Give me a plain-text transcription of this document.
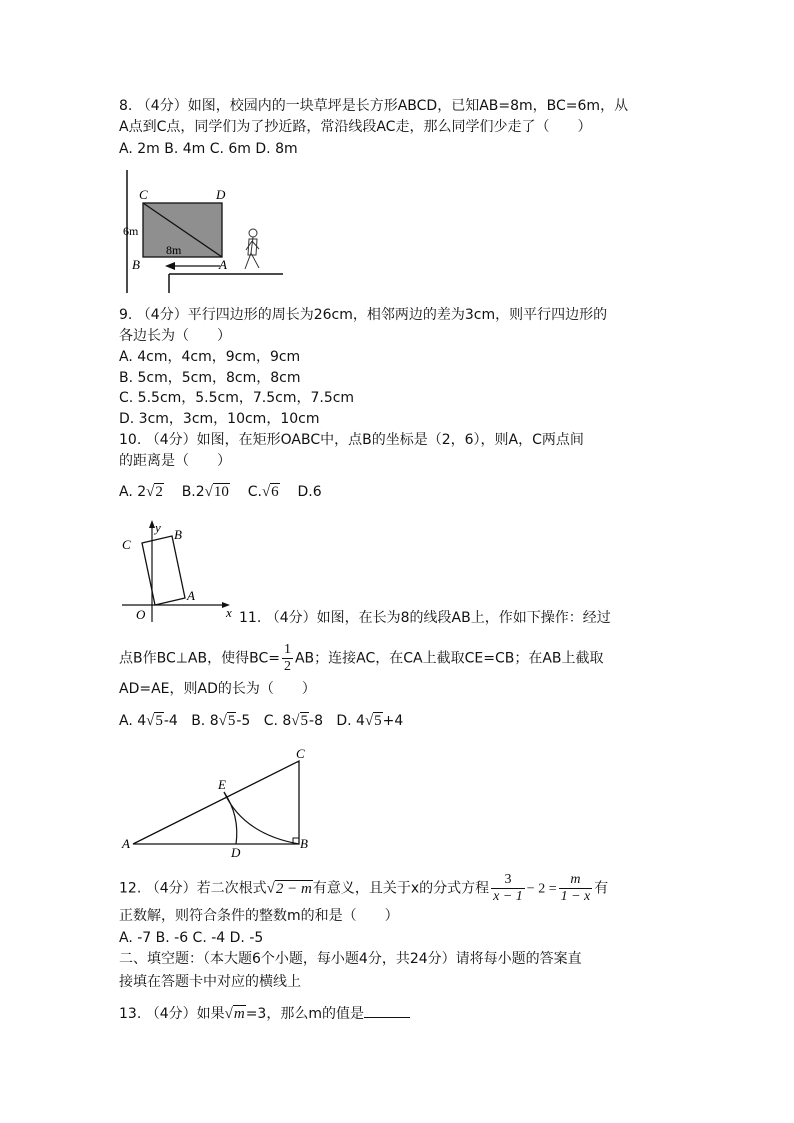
8. （4分）如图，校园内的一块草坪是长方形ABCD，已知AB=8m，BC=6m，从
A点到C点，同学们为了抄近路，常沿线段AC走，那么同学们少走了（　　）
A. 2m B. 4m C. 6m D. 8m
C	D
B	A
6m
8m
9. （4分）平行四边形的周长为26cm，相邻两边的差为3cm，则平行四边形的
各边长为（　　）
A. 4cm，4cm，9cm，9cm
B. 5cm，5cm，8cm，8cm
C. 5.5cm，5.5cm，7.5cm，7.5cm
D. 3cm，3cm，10cm，10cm
10. （4分）如图，在矩形OABC中，点B的坐标是（2，6），则A，C两点间
的距离是（　　）
A. 2√2 B.2√10 C.√6 D.6
y
x
C
B
A
O	11. （4分）如图，在长为8的线段AB上，作如下操作：经过
点B作BC⊥AB，使得$BC= \frac{1}{2}$ AB；连接AC，在CA上截取CE=CB；在AB上截取
AD=AE，则AD的长为（　　）
A. 4√5-4 B. 8√5-5 C. 8√5-8 D. 4√5+4
C
E
A
D
B
12. （4分）若二次根式√2 − m有意义，且关于x的分式方程 $\frac{3}{x - 1} - 2 = \frac{m}{1 - x}$ 有
正数解，则符合条件的整数m的和是（　　）
A. -7 B. -6 C. -4 D. -5
二、填空题：（本大题6个小题，每小题4分，共24分）请将每小题的答案直
接填在答题卡中对应的横线上
13. （4分）如果√m=3，那么m的值是
